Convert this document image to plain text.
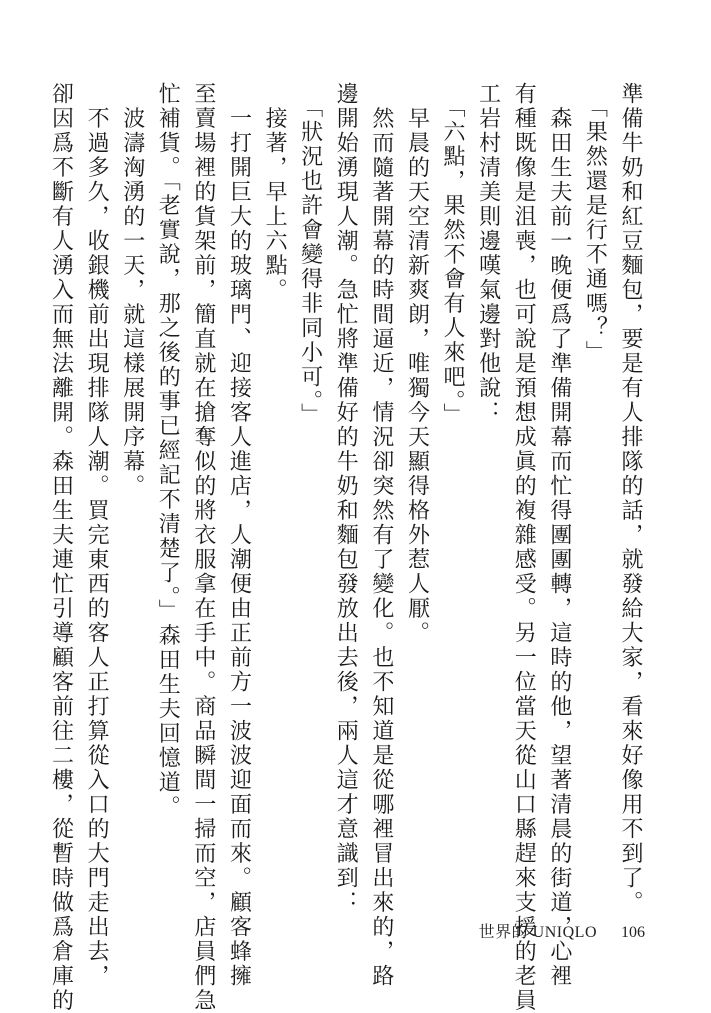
準備牛奶和紅豆麵包，要是有人排隊的話，就發給大家，看來好像用不到了。

　「果然還是行不通嗎？」

　森田生夫前一晚便爲了準備開幕而忙得團團轉，這時的他，望著清晨的街道，心裡

有種既像是沮喪，也可說是預想成眞的複雜感受。另一位當天從山口縣趕來支援的老員

工岩村清美則邊嘆氣邊對他說：

　「六點，果然不會有人來吧。」

　早晨的天空清新爽朗，唯獨今天顯得格外惹人厭。

　然而隨著開幕的時間逼近，情況卻突然有了變化。也不知道是從哪裡冒出來的，路

邊開始湧現人潮。急忙將準備好的牛奶和麵包發放出去後，兩人這才意識到：

　「狀況也許會變得非同小可。」

　接著，早上六點。

　一打開巨大的玻璃門、迎接客人進店，人潮便由正前方一波波迎面而來。顧客蜂擁

至賣場裡的貨架前，簡直就在搶奪似的將衣服拿在手中。商品瞬間一掃而空，店員們急

忙補貨。「老實說，那之後的事已經記不清楚了。」森田生夫回憶道。

　波濤洶湧的一天，就這樣展開序幕。

　不過多久，收銀機前出現排隊人潮。買完東西的客人正打算從入口的大門走出去，

卻因爲不斷有人湧入而無法離開。森田生夫連忙引導顧客前往二樓，從暫時做爲倉庫的	世界的 UNIQLO 106
